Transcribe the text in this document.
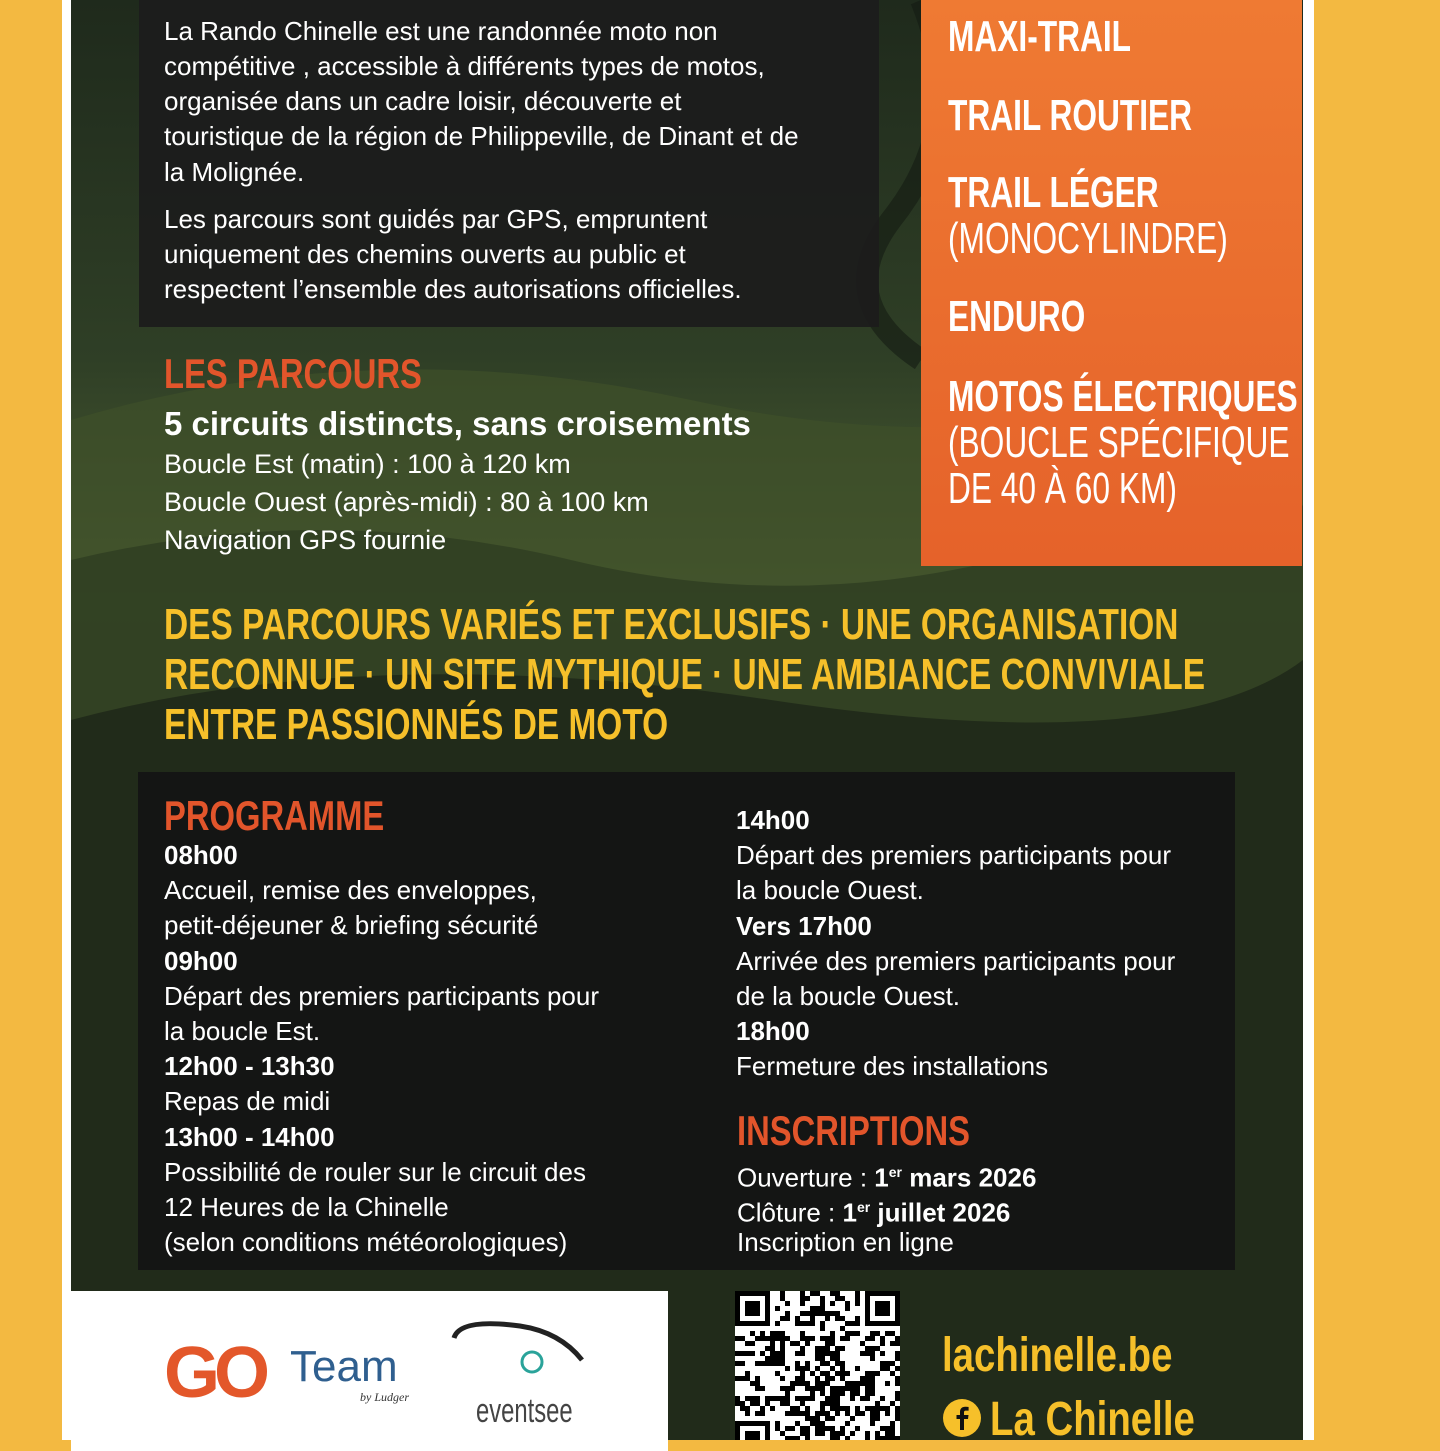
La Rando Chinelle est une randonnée moto non
compétitive , accessible à différents types de motos,
organisée dans un cadre loisir, découverte et
touristique de la région de Philippeville, de Dinant et de
la Molignée.
Les parcours sont guidés par GPS, empruntent
uniquement des chemins ouverts au public et
respectent l’ensemble des autorisations officielles.
MAXI-TRAIL
TRAIL ROUTIER
TRAIL LÉGER
(MONOCYLINDRE)
ENDURO
MOTOS ÉLECTRIQUES
(BOUCLE SPÉCIFIQUE
DE 40 À 60 KM)
LES PARCOURS
5 circuits distincts, sans croisements
Boucle Est (matin) : 100 à 120 km
Boucle Ouest (après-midi) : 80 à 100 km
Navigation GPS fournie
DES PARCOURS VARIÉS ET EXCLUSIFS · UNE ORGANISATION
RECONNUE · UN SITE MYTHIQUE · UNE AMBIANCE CONVIVIALE
ENTRE PASSIONNÉS DE MOTO
PROGRAMME
08h00
Accueil, remise des enveloppes,
petit-déjeuner & briefing sécurité
09h00
Départ des premiers participants pour
la boucle Est.
12h00 - 13h30
Repas de midi
13h00 - 14h00
Possibilité de rouler sur le circuit des
12 Heures de la Chinelle
(selon conditions météorologiques)
14h00
Départ des premiers participants pour
la boucle Ouest.
Vers 17h00
Arrivée des premiers participants pour
de la boucle Ouest.
18h00
Fermeture des installations
INSCRIPTIONS
Ouverture : 1er mars 2026
Clôture : 1er juillet 2026
Inscription en ligne
GO Team
by Ludger eventsee
lachinelle.be
La Chinelle
